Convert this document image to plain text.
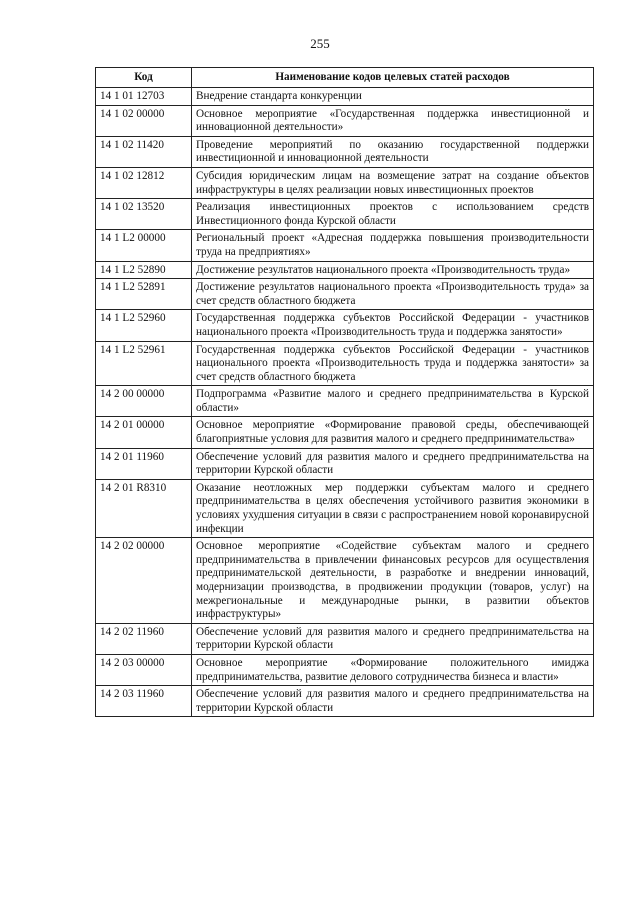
255
Код	Наименование кодов целевых статей расходов
14 1 01 12703	Внедрение стандарта конкуренции
14 1 02 00000	Основное мероприятие «Государственная поддержка инвестиционной и инновационной деятельности»
14 1 02 11420	Проведение мероприятий по оказанию государственной поддержки инвестиционной и инновационной деятельности
14 1 02 12812	Субсидия юридическим лицам на возмещение затрат на создание объектов инфраструктуры в целях реализации новых инвестиционных проектов
14 1 02 13520	Реализация инвестиционных проектов с использованием средств Инвестиционного фонда Курской области
14 1 L2 00000	Региональный проект «Адресная поддержка повышения производительности труда на предприятиях»
14 1 L2 52890	Достижение результатов национального проекта «Производительность труда»
14 1 L2 52891	Достижение результатов национального проекта «Производительность труда» за счет средств областного бюджета
14 1 L2 52960	Государственная поддержка субъектов Российской Федерации - участников национального проекта «Производительность труда и поддержка занятости»
14 1 L2 52961	Государственная поддержка субъектов Российской Федерации - участников национального проекта «Производительность труда и поддержка занятости» за счет средств областного бюджета
14 2 00 00000	Подпрограмма «Развитие малого и среднего предпринимательства в Курской области»
14 2 01 00000	Основное мероприятие «Формирование правовой среды, обеспечивающей благоприятные условия для развития малого и среднего предпринимательства»
14 2 01 11960	Обеспечение условий для развития малого и среднего предпринимательства на территории Курской области
14 2 01 R8310	Оказание неотложных мер поддержки субъектам малого и среднего предпринимательства в целях обеспечения устойчивого развития экономики в условиях ухудшения ситуации в связи с распространением новой коронавирусной инфекции
14 2 02 00000	Основное мероприятие «Содействие субъектам малого и среднего предпринимательства в привлечении финансовых ресурсов для осуществления предпринимательской деятельности, в разработке и внедрении инноваций, модернизации производства, в продвижении продукции (товаров, услуг) на межрегиональные и международные рынки, в развитии объектов инфраструктуры»
14 2 02 11960	Обеспечение условий для развития малого и среднего предпринимательства на территории Курской области
14 2 03 00000	Основное мероприятие «Формирование положительного имиджа предпринимательства, развитие делового сотрудничества бизнеса и власти»
14 2 03 11960	Обеспечение условий для развития малого и среднего предпринимательства на территории Курской области
